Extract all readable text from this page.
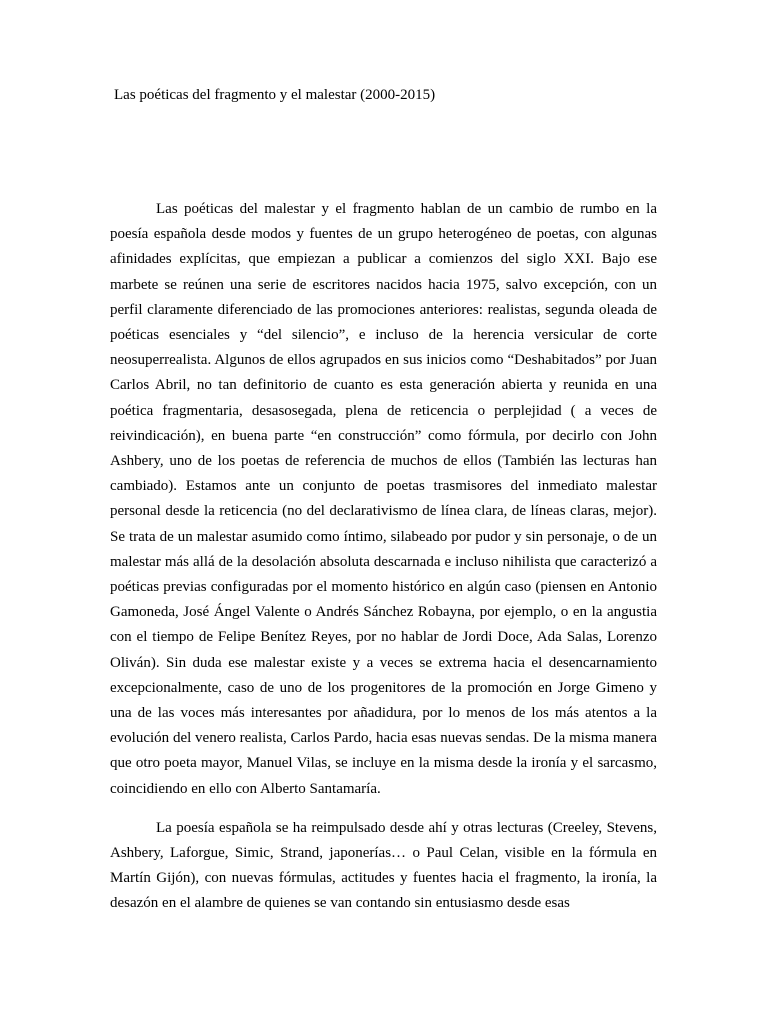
Las poéticas del fragmento y el malestar (2000-2015)

Las poéticas del malestar y el fragmento hablan de un cambio de rumbo en la poesía española desde modos y fuentes de un grupo heterogéneo de poetas, con algunas afinidades explícitas, que empiezan a publicar a comienzos del siglo XXI. Bajo ese marbete se reúnen una serie de escritores nacidos hacia 1975, salvo excepción, con un perfil claramente diferenciado de las promociones anteriores: realistas, segunda oleada de poéticas esenciales y “del silencio”, e incluso de la herencia versicular de corte neosuperrealista. Algunos de ellos agrupados en sus inicios como “Deshabitados” por Juan Carlos Abril, no tan definitorio de cuanto es esta generación abierta y reunida en una poética fragmentaria, desasosegada, plena de reticencia o perplejidad ( a veces de reivindicación), en buena parte “en construcción” como fórmula, por decirlo con John Ashbery, uno de los poetas de referencia de muchos de ellos (También las lecturas han cambiado). Estamos ante un conjunto de poetas trasmisores del inmediato malestar personal desde la reticencia (no del declarativismo de línea clara, de líneas claras, mejor). Se trata de un malestar asumido como íntimo, silabeado por pudor y sin personaje, o de un malestar más allá de la desolación absoluta descarnada e incluso nihilista que caracterizó a poéticas previas configuradas por el momento histórico en algún caso (piensen en Antonio Gamoneda, José Ángel Valente o Andrés Sánchez Robayna, por ejemplo, o en la angustia con el tiempo de Felipe Benítez Reyes, por no hablar de Jordi Doce, Ada Salas, Lorenzo Oliván). Sin duda ese malestar existe y a veces se extrema hacia el desencarnamiento excepcionalmente, caso de uno de los progenitores de la promoción en Jorge Gimeno y una de las voces más interesantes por añadidura, por lo menos de los más atentos a la evolución del venero realista, Carlos Pardo, hacia esas nuevas sendas. De la misma manera que otro poeta mayor, Manuel Vilas, se incluye en la misma desde la ironía y el sarcasmo, coincidiendo en ello con Alberto Santamaría.

La poesía española se ha reimpulsado desde ahí y otras lecturas (Creeley, Stevens, Ashbery, Laforgue, Simic, Strand, japonerías… o Paul Celan, visible en la fórmula en Martín Gijón), con nuevas fórmulas, actitudes y fuentes hacia el fragmento, la ironía, la desazón en el alambre de quienes se van contando sin entusiasmo desde esas
